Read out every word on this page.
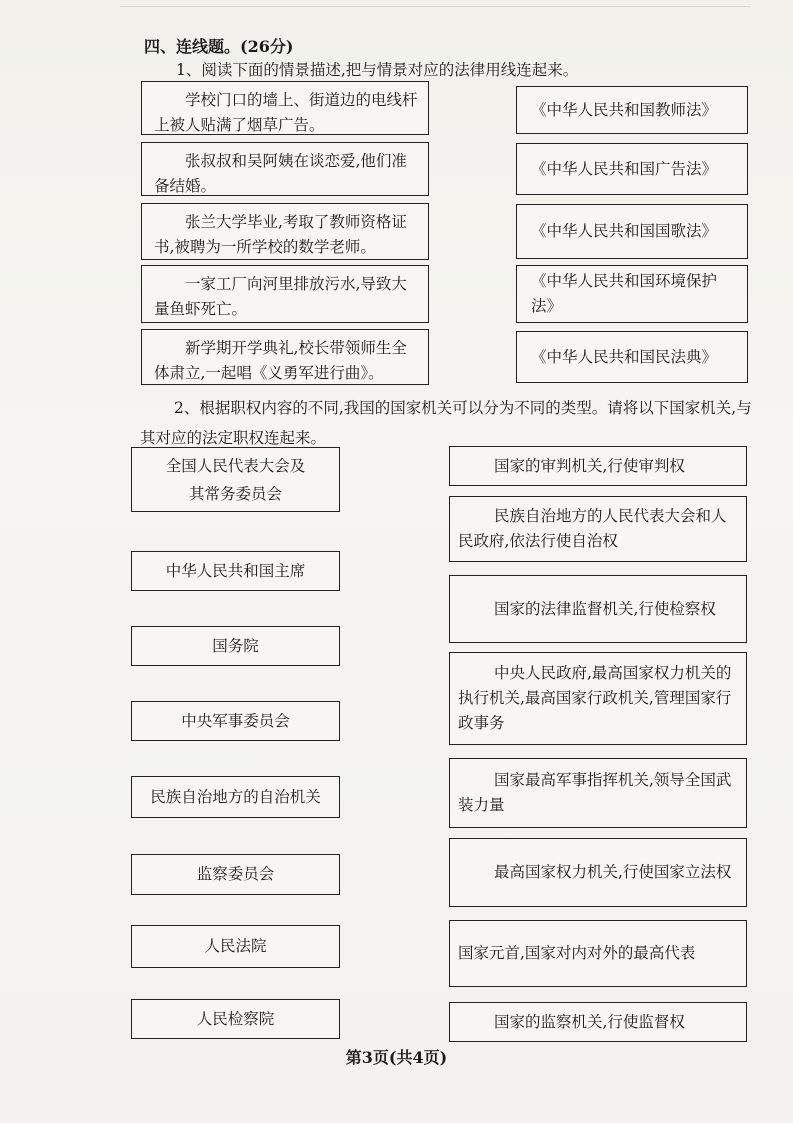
四、连线题。(26分)
1、阅读下面的情景描述,把与情景对应的法律用线连起来。
学校门口的墙上、街道边的电线杆上被人贴满了烟草广告。
张叔叔和吴阿姨在谈恋爱,他们准备结婚。
张兰大学毕业,考取了教师资格证书,被聘为一所学校的数学老师。
一家工厂向河里排放污水,导致大量鱼虾死亡。
新学期开学典礼,校长带领师生全体肃立,一起唱《义勇军进行曲》。
《中华人民共和国教师法》
《中华人民共和国广告法》
《中华人民共和国国歌法》
《中华人民共和国环境保护法》
《中华人民共和国民法典》
2、根据职权内容的不同,我国的国家机关可以分为不同的类型。请将以下国家机关,与其对应的法定职权连起来。
全国人民代表大会及其常务委员会
中华人民共和国主席
国务院
中央军事委员会
民族自治地方的自治机关
监察委员会
人民法院
人民检察院
国家的审判机关,行使审判权
民族自治地方的人民代表大会和人民政府,依法行使自治权
国家的法律监督机关,行使检察权
中央人民政府,最高国家权力机关的执行机关,最高国家行政机关,管理国家行政事务
国家最高军事指挥机关,领导全国武装力量
最高国家权力机关,行使国家立法权
国家元首,国家对内对外的最高代表
国家的监察机关,行使监督权
第3页(共4页)
